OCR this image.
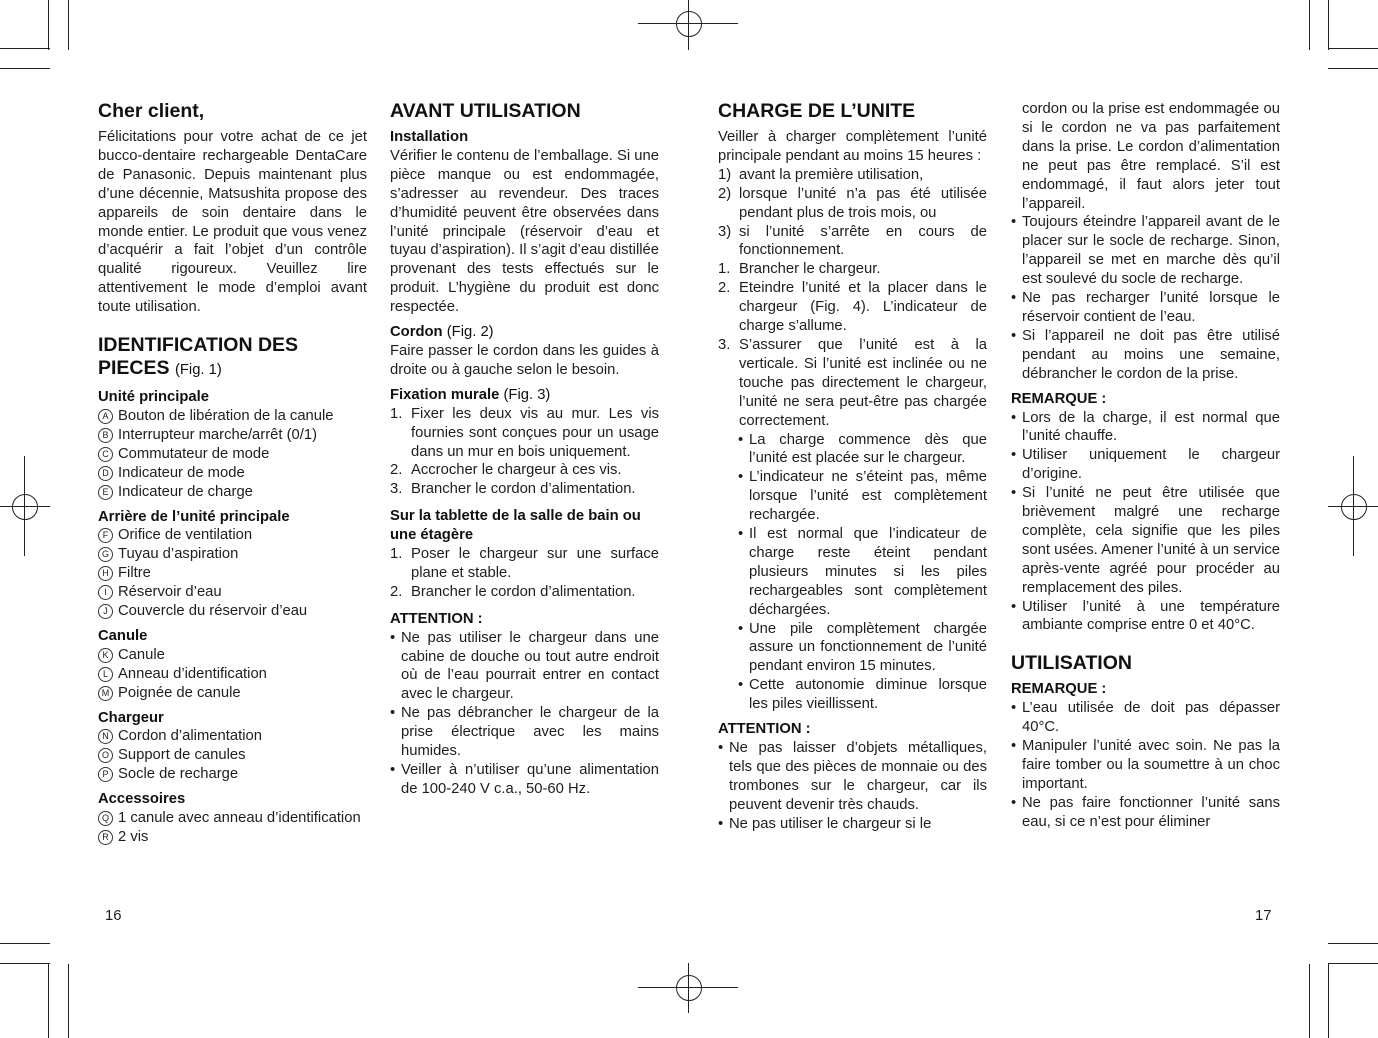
Cher client,

Félicitations pour votre achat de ce jet bucco-dentaire rechargeable DentaCare de Panasonic. Depuis maintenant plus d’une décennie, Matsushita propose des appareils de soin dentaire dans le monde entier. Le produit que vous venez d’acquérir a fait l’objet d’un contrôle qualité rigoureux. Veuillez lire attentivement le mode d’emploi avant toute utilisation.

IDENTIFICATION DES
PIECES (Fig. 1)
Unité principale
A Bouton de libération de la canule
B Interrupteur marche/arrêt (0/1)
C Commutateur de mode
D Indicateur de mode
E Indicateur de charge
Arrière de l’unité principale
F Orifice de ventilation
G Tuyau d’aspiration
H Filtre
I Réservoir d’eau
J Couvercle du réservoir d’eau
Canule
K Canule
L Anneau d’identification
M Poignée de canule
Chargeur
N Cordon d’alimentation
O Support de canules
P Socle de recharge
Accessoires
Q 1 canule avec anneau d’identification
R 2 vis
AVANT UTILISATION
Installation

Vérifier le contenu de l’emballage. Si une pièce manque ou est endommagée, s’adresser au revendeur. Des traces d’humidité peuvent être observées dans l’unité principale (réservoir d’eau et tuyau d’aspiration). Il s’agit d’eau distillée provenant des tests effectués sur le produit. L’hygiène du produit est donc respectée.

Cordon (Fig. 2)

Faire passer le cordon dans les guides à droite ou à gauche selon le besoin.

Fixation murale (Fig. 3)
1. Fixer les deux vis au mur. Les vis fournies sont conçues pour un usage dans un mur en bois uniquement.
2. Accrocher le chargeur à ces vis.
3. Brancher le cordon d’alimentation.
Sur la tablette de la salle de bain ou une étagère
1. Poser le chargeur sur une surface plane et stable.
2. Brancher le cordon d’alimentation.
ATTENTION :
• Ne pas utiliser le chargeur dans une cabine de douche ou tout autre endroit où de l’eau pourrait entrer en contact avec le chargeur.
• Ne pas débrancher le chargeur de la prise électrique avec les mains humides.
• Veiller à n’utiliser qu’une alimentation de 100-240 V c.a., 50-60 Hz.
CHARGE DE L’UNITE

Veiller à charger complètement l’unité principale pendant au moins 15 heures :

1) avant la première utilisation,
2) lorsque l’unité n’a pas été utilisée pendant plus de trois mois, ou
3) si l’unité s’arrête en cours de fonctionnement.
1. Brancher le chargeur.
2. Eteindre l’unité et la placer dans le chargeur (Fig. 4). L’indicateur de charge s’allume.
3. S’assurer que l’unité est à la verticale. Si l’unité est inclinée ou ne touche pas directement le chargeur, l’unité ne sera peut-être pas chargée correctement.
• La charge commence dès que l’unité est placée sur le chargeur.
• L’indicateur ne s’éteint pas, même lorsque l’unité est complètement rechargée.
• Il est normal que l’indicateur de charge reste éteint pendant plusieurs minutes si les piles rechargeables sont complètement déchargées.
• Une pile complètement chargée assure un fonctionnement de l’unité pendant environ 15 minutes.
• Cette autonomie diminue lorsque les piles vieillissent.
ATTENTION :
• Ne pas laisser d’objets métalliques, tels que des pièces de monnaie ou des trombones sur le chargeur, car ils peuvent devenir très chauds.
• Ne pas utiliser le chargeur si le
cordon ou la prise est endommagée ou si le cordon ne va pas parfaitement dans la prise. Le cordon d’alimentation ne peut pas être remplacé. S’il est endommagé, il faut alors jeter tout l’appareil.
• Toujours éteindre l’appareil avant de le placer sur le socle de recharge. Sinon, l’appareil se met en marche dès qu’il est soulevé du socle de recharge.
• Ne pas recharger l’unité lorsque le réservoir contient de l’eau.
• Si l’appareil ne doit pas être utilisé pendant au moins une semaine, débrancher le cordon de la prise.
REMARQUE :
• Lors de la charge, il est normal que l’unité chauffe.
• Utiliser uniquement le chargeur d’origine.
• Si l’unité ne peut être utilisée que brièvement malgré une recharge complète, cela signifie que les piles sont usées. Amener l’unité à un service après-vente agréé pour procéder au remplacement des piles.
• Utiliser l’unité à une température ambiante comprise entre 0 et 40°C.
UTILISATION
REMARQUE :
• L’eau utilisée de doit pas dépasser 40°C.
• Manipuler l’unité avec soin. Ne pas la faire tomber ou la soumettre à un choc important.
• Ne pas faire fonctionner l’unité sans eau, si ce n’est pour éliminer
16	17
